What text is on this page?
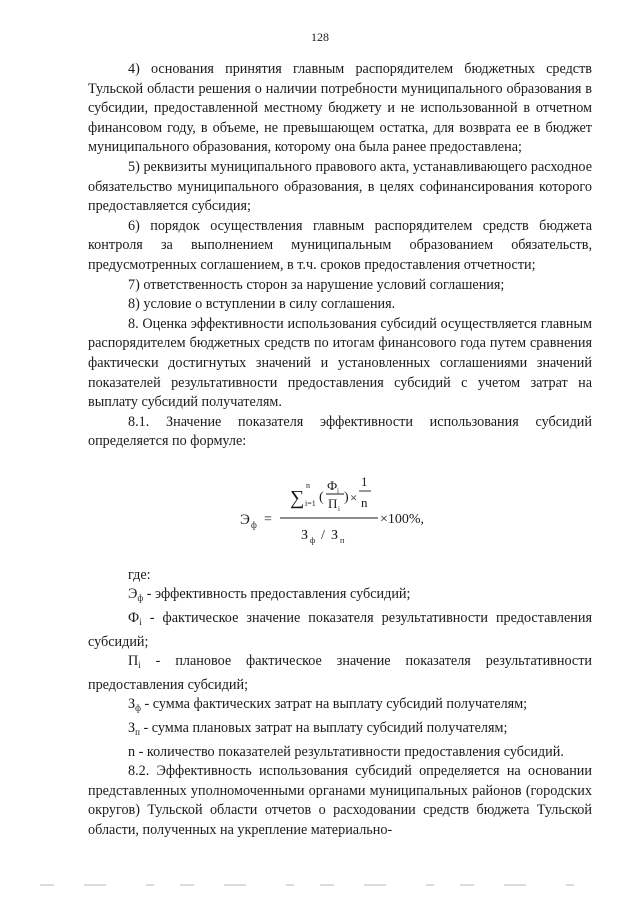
128

4) основания принятия главным распорядителем бюджетных средств Тульской области решения о наличии потребности муниципального образования в субсидии, предоставленной местному бюджету и не использованной в отчетном финансовом году, в объеме, не превышающем остатка, для возврата ее в бюджет муниципального образования, которому она была ранее предоставлена;

5) реквизиты муниципального правового акта, устанавливающего расходное обязательство муниципального образования, в целях софинансирования которого предоставляется субсидия;

6) порядок осуществления главным распорядителем средств бюджета контроля за выполнением муниципальным образованием обязательств, предусмотренных соглашением, в т.ч. сроков предоставления отчетности;

7) ответственность сторон за нарушение условий соглашения;

8) условие о вступлении в силу соглашения.

8. Оценка эффективности использования субсидий осуществляется главным распорядителем бюджетных средств по итогам финансового года путем сравнения фактически достигнутых значений и установленных соглашениями значений показателей результативности предоставления субсидий с учетом затрат на выплату субсидий получателям.

8.1. Значение показателя эффективности использования субсидий определяется по формуле:

Э ф =
∑
n
i=1 (
Ф i
П i
) ×
1
n
З ф / З п
×100%,

где:

$Э_ф$ - эффективность предоставления субсидий;

$Ф_i$ - фактическое значение показателя результативности предоставления субсидий;

$П_i$ - плановое фактическое значение показателя результативности предоставления субсидий;

$З_ф$ - сумма фактических затрат на выплату субсидий получателям;

$З_п$ - сумма плановых затрат на выплату субсидий получателям;

n - количество показателей результативности предоставления субсидий.

8.2. Эффективность использования субсидий определяется на основании представленных уполномоченными органами муниципальных районов (городских округов) Тульской области отчетов о расходовании средств бюджета Тульской области, полученных на укрепление материально-
